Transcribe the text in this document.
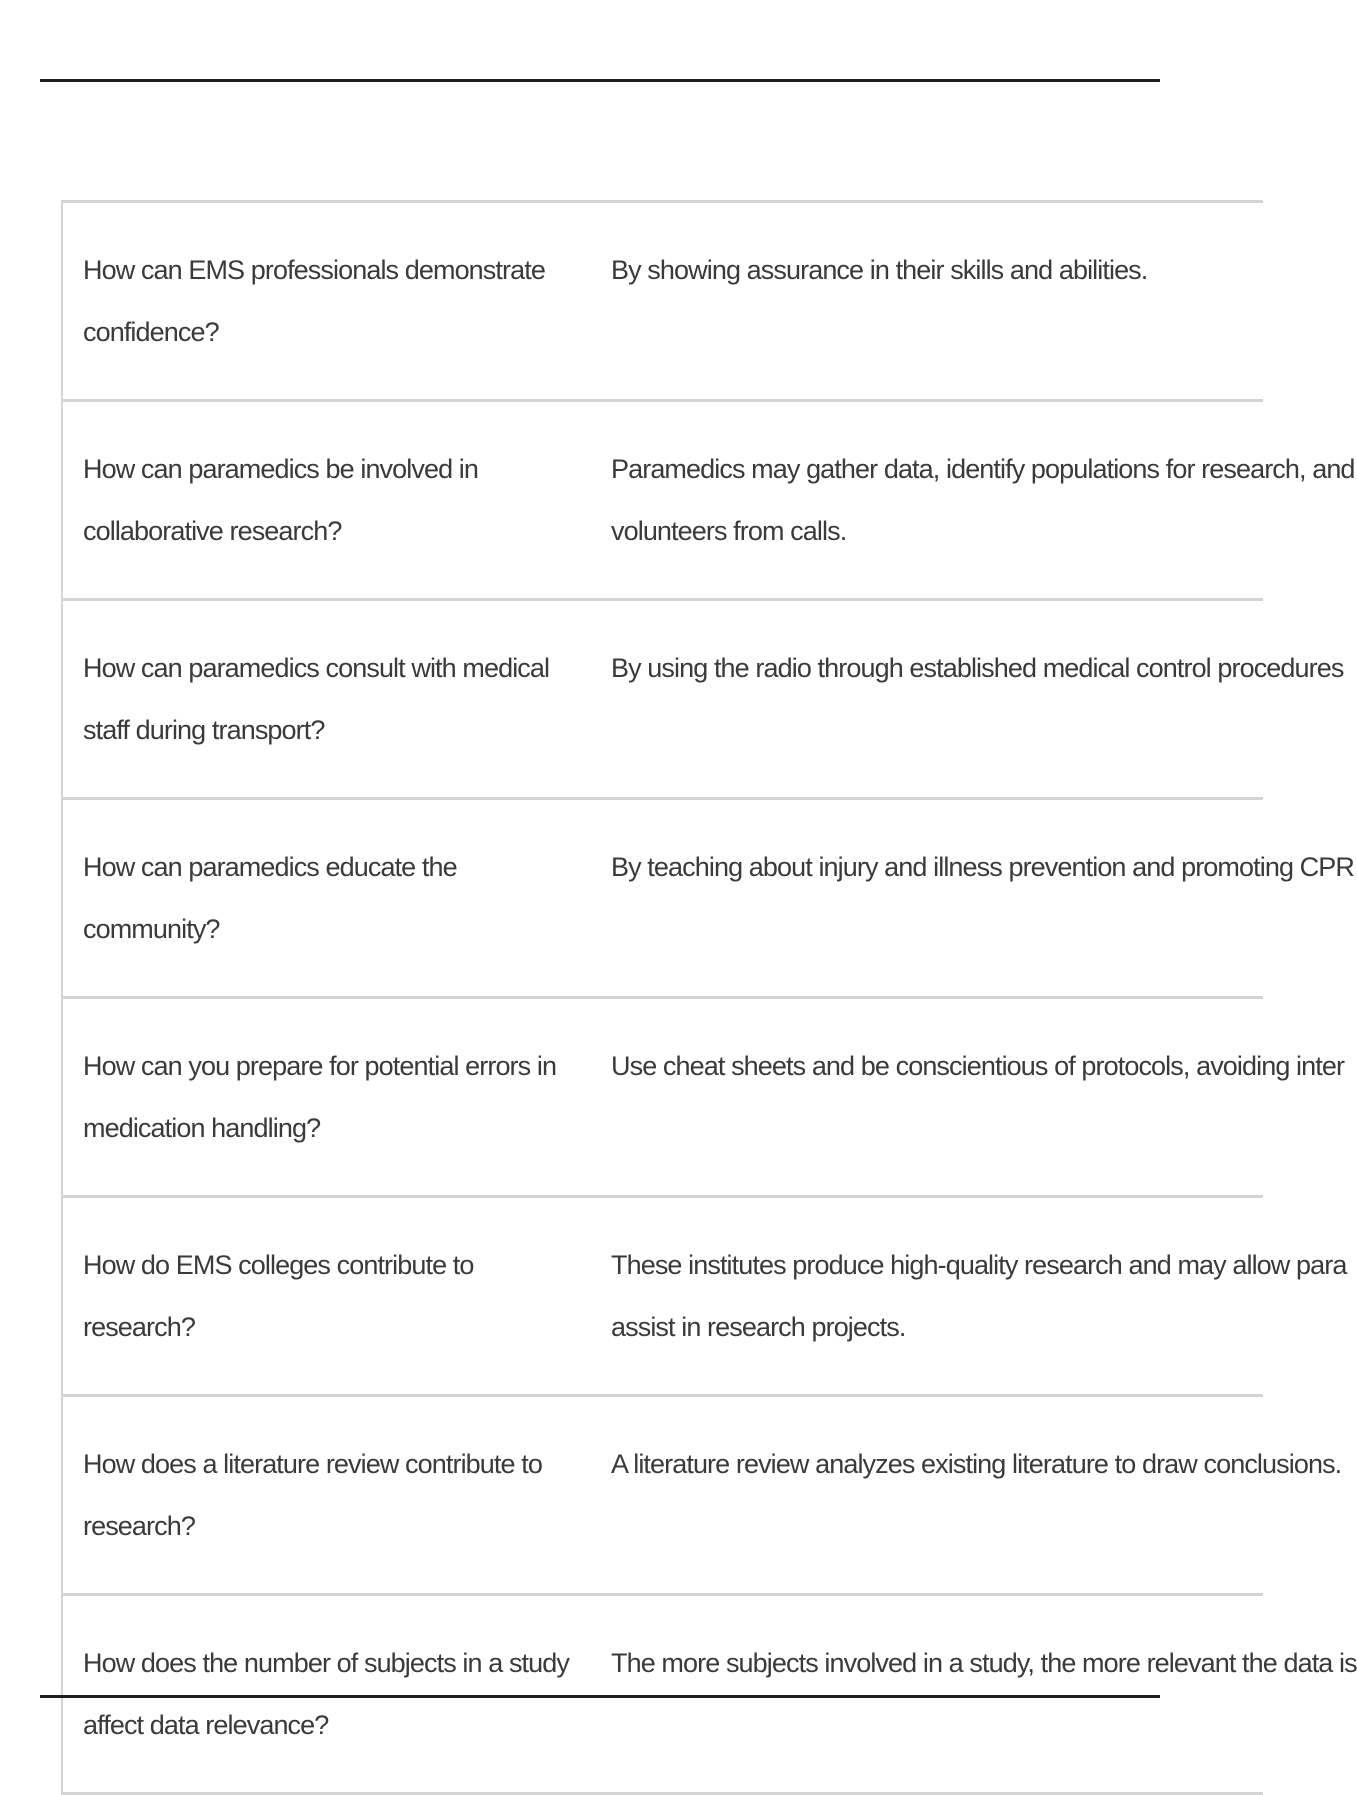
How can EMS professionals demonstrate confidence?
By showing assurance in their skills and abilities.
How can paramedics be involved in collaborative research?
Paramedics may gather data, identify populations for research, and
volunteers from calls.
How can paramedics consult with medical staff during transport?
By using the radio through established medical control procedures
How can paramedics educate the community?
By teaching about injury and illness prevention and promoting CPR
How can you prepare for potential errors in medication handling?
Use cheat sheets and be conscientious of protocols, avoiding inter
How do EMS colleges contribute to research?
These institutes produce high-quality research and may allow para
assist in research projects.
How does a literature review contribute to research?
A literature review analyzes existing literature to draw conclusions.
How does the number of subjects in a study affect data relevance?
The more subjects involved in a study, the more relevant the data is
